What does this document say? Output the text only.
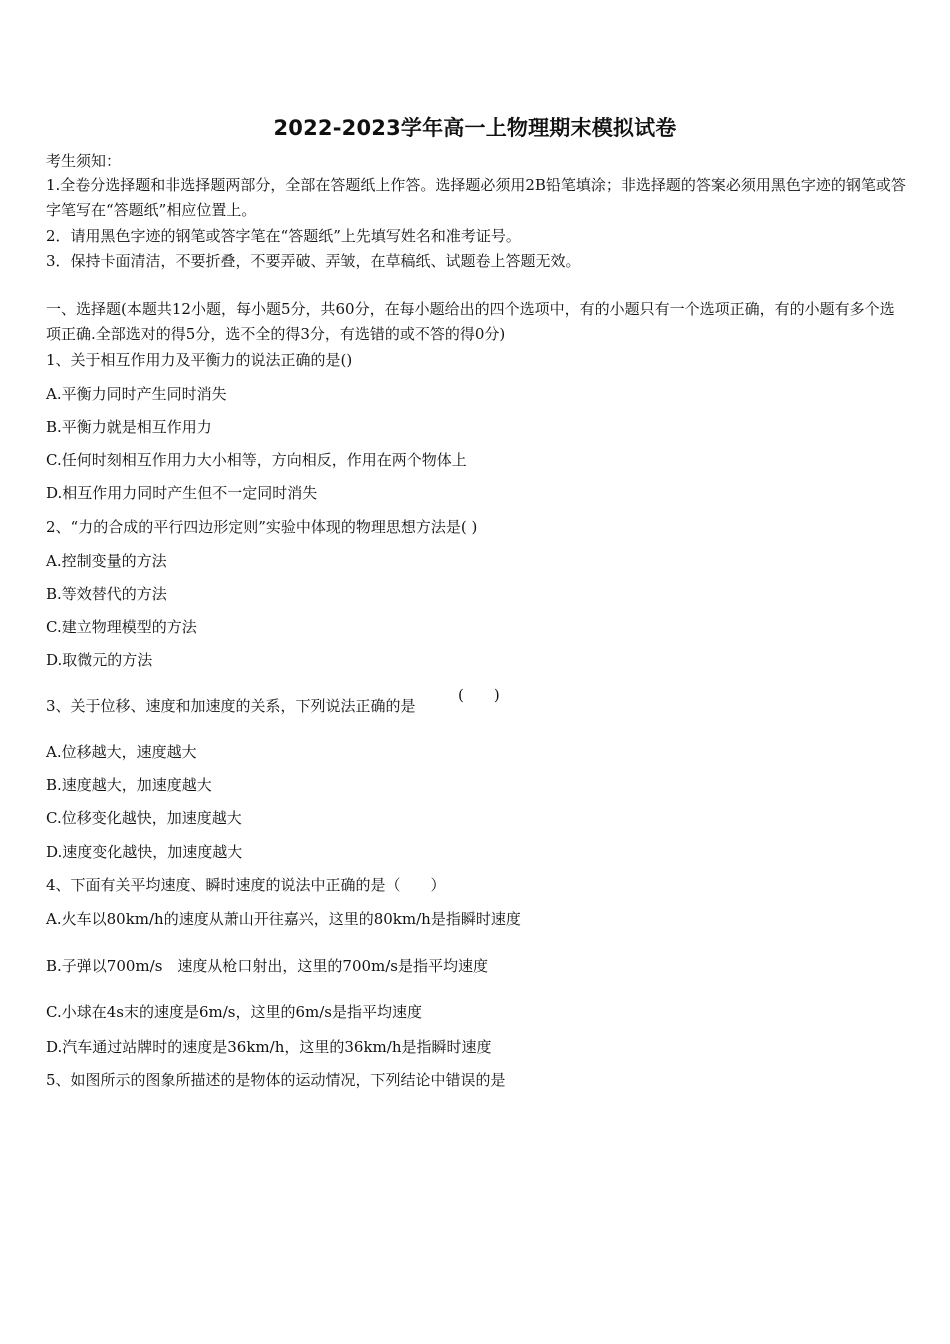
2022-2023学年高一上物理期末模拟试卷
考生须知：
1.全卷分选择题和非选择题两部分，全部在答题纸上作答。选择题必须用2B铅笔填涂；非选择题的答案必须用黑色字迹的钢笔或答字笔写在“答题纸”相应位置上。
2．请用黑色字迹的钢笔或答字笔在“答题纸”上先填写姓名和准考证号。
3．保持卡面清洁，不要折叠，不要弄破、弄皱，在草稿纸、试题卷上答题无效。
一、选择题(本题共12小题，每小题5分，共60分，在每小题给出的四个选项中，有的小题只有一个选项正确，有的小题有多个选项正确.全部选对的得5分，选不全的得3分，有选错的或不答的得0分)
1、关于相互作用力及平衡力的说法正确的是()
A.平衡力同时产生同时消失
B.平衡力就是相互作用力
C.任何时刻相互作用力大小相等，方向相反，作用在两个物体上
D.相互作用力同时产生但不一定同时消失
2、“力的合成的平行四边形定则”实验中体现的物理思想方法是( )
A.控制变量的方法
B.等效替代的方法
C.建立物理模型的方法
D.取微元的方法
3、关于位移、速度和加速度的关系，下列说法正确的是
(　　)
A.位移越大，速度越大
B.速度越大，加速度越大
C.位移变化越快，加速度越大
D.速度变化越快，加速度越大
4、下面有关平均速度、瞬时速度的说法中正确的是（　　）
A.火车以80km/h的速度从萧山开往嘉兴，这里的80km/h是指瞬时速度
B.子弹以700m/s　速度从枪口射出，这里的700m/s是指平均速度
C.小球在4s末的速度是6m/s，这里的6m/s是指平均速度
D.汽车通过站牌时的速度是36km/h，这里的36km/h是指瞬时速度
5、如图所示的图象所描述的是物体的运动情况，下列结论中错误的是
